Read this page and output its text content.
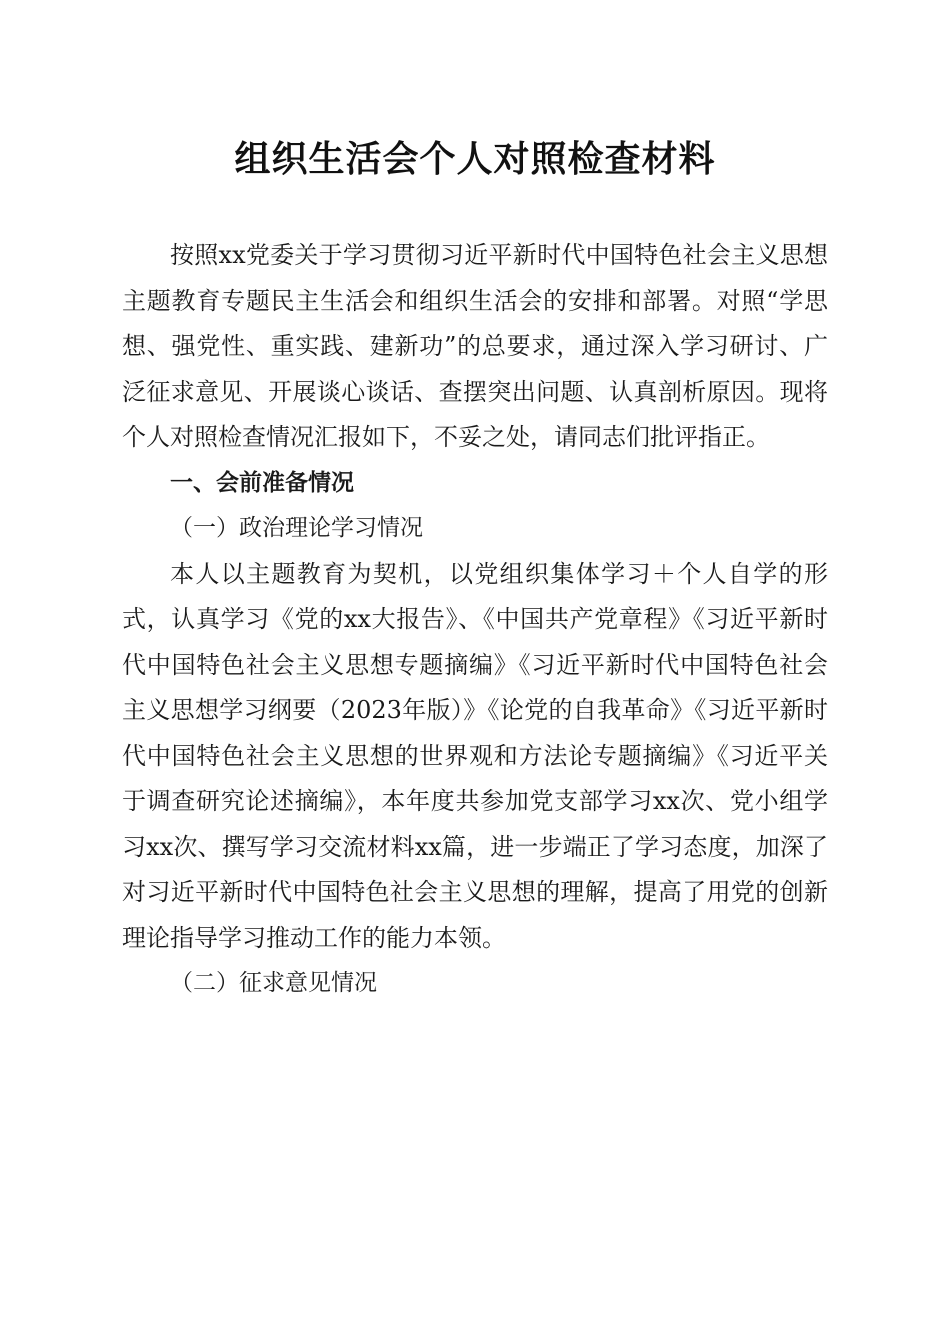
组织生活会个人对照检查材料

按照xx党委关于学习贯彻习近平新时代中国特色社会主义思想主题教育专题民主生活会和组织生活会的安排和部署。对照“学思想、强党性、重实践、建新功”的总要求，通过深入学习研讨、广泛征求意见、开展谈心谈话、查摆突出问题、认真剖析原因。现将个人对照检查情况汇报如下，不妥之处，请同志们批评指正。

一、会前准备情况

（一）政治理论学习情况

本人以主题教育为契机，以党组织集体学习＋个人自学的形式，认真学习《党的xx大报告》、《中国共产党章程》《习近平新时代中国特色社会主义思想专题摘编》《习近平新时代中国特色社会主义思想学习纲要（2023年版）》《论党的自我革命》《习近平新时代中国特色社会主义思想的世界观和方法论专题摘编》《习近平关于调查研究论述摘编》，本年度共参加党支部学习xx次、党小组学习xx次、撰写学习交流材料xx篇，进一步端正了学习态度，加深了对习近平新时代中国特色社会主义思想的理解，提高了用党的创新理论指导学习推动工作的能力本领。

（二）征求意见情况
